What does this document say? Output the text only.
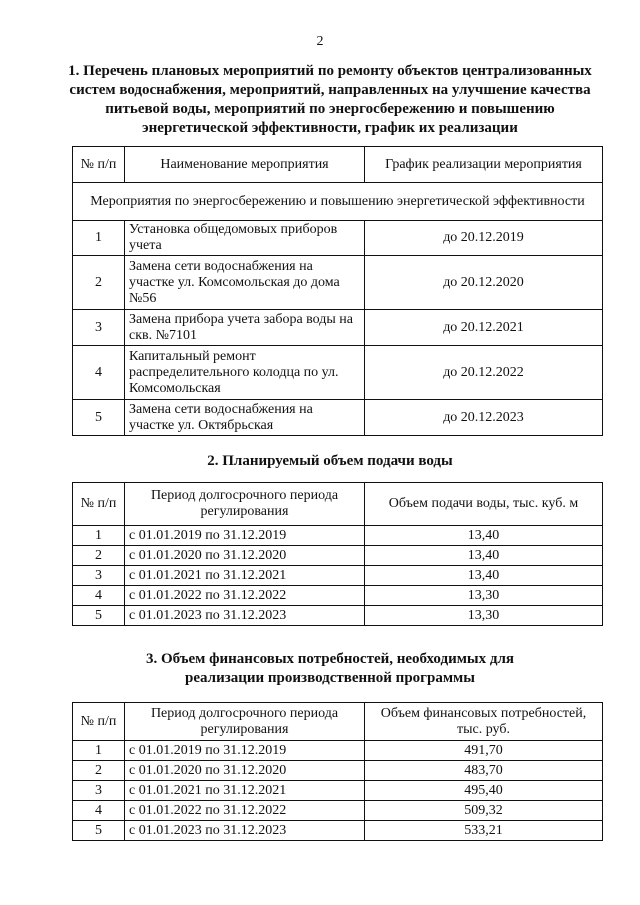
2
1. Перечень плановых мероприятий по ремонту объектов централизованных систем водоснабжения, мероприятий, направленных на улучшение качества питьевой воды, мероприятий по энергосбережению и повышению энергетической эффективности, график их реализации
№ п/п	Наименование мероприятия	График реализации мероприятия
Мероприятия по энергосбережению и повышению энергетической эффективности		
1	Установка общедомовых приборов учета	до 20.12.2019
2	Замена сети водоснабжения на участке ул. Комсомольская до дома №56	до 20.12.2020
3	Замена прибора учета забора воды на скв. №7101	до 20.12.2021
4	Капитальный ремонт распределительного колодца по ул. Комсомольская	до 20.12.2022
5	Замена сети водоснабжения на участке ул. Октябрьская	до 20.12.2023
2. Планируемый объем подачи воды
№ п/п	Период долгосрочного периода регулирования	Объем подачи воды, тыс. куб. м
1	с 01.01.2019 по 31.12.2019	13,40
2	с 01.01.2020 по 31.12.2020	13,40
3	с 01.01.2021 по 31.12.2021	13,40
4	с 01.01.2022 по 31.12.2022	13,30
5	с 01.01.2023 по 31.12.2023	13,30
3. Объем финансовых потребностей, необходимых для реализации производственной программы
№ п/п	Период долгосрочного периода регулирования	Объем финансовых потребностей, тыс. руб.
1	с 01.01.2019 по 31.12.2019	491,70
2	с 01.01.2020 по 31.12.2020	483,70
3	с 01.01.2021 по 31.12.2021	495,40
4	с 01.01.2022 по 31.12.2022	509,32
5	с 01.01.2023 по 31.12.2023	533,21
